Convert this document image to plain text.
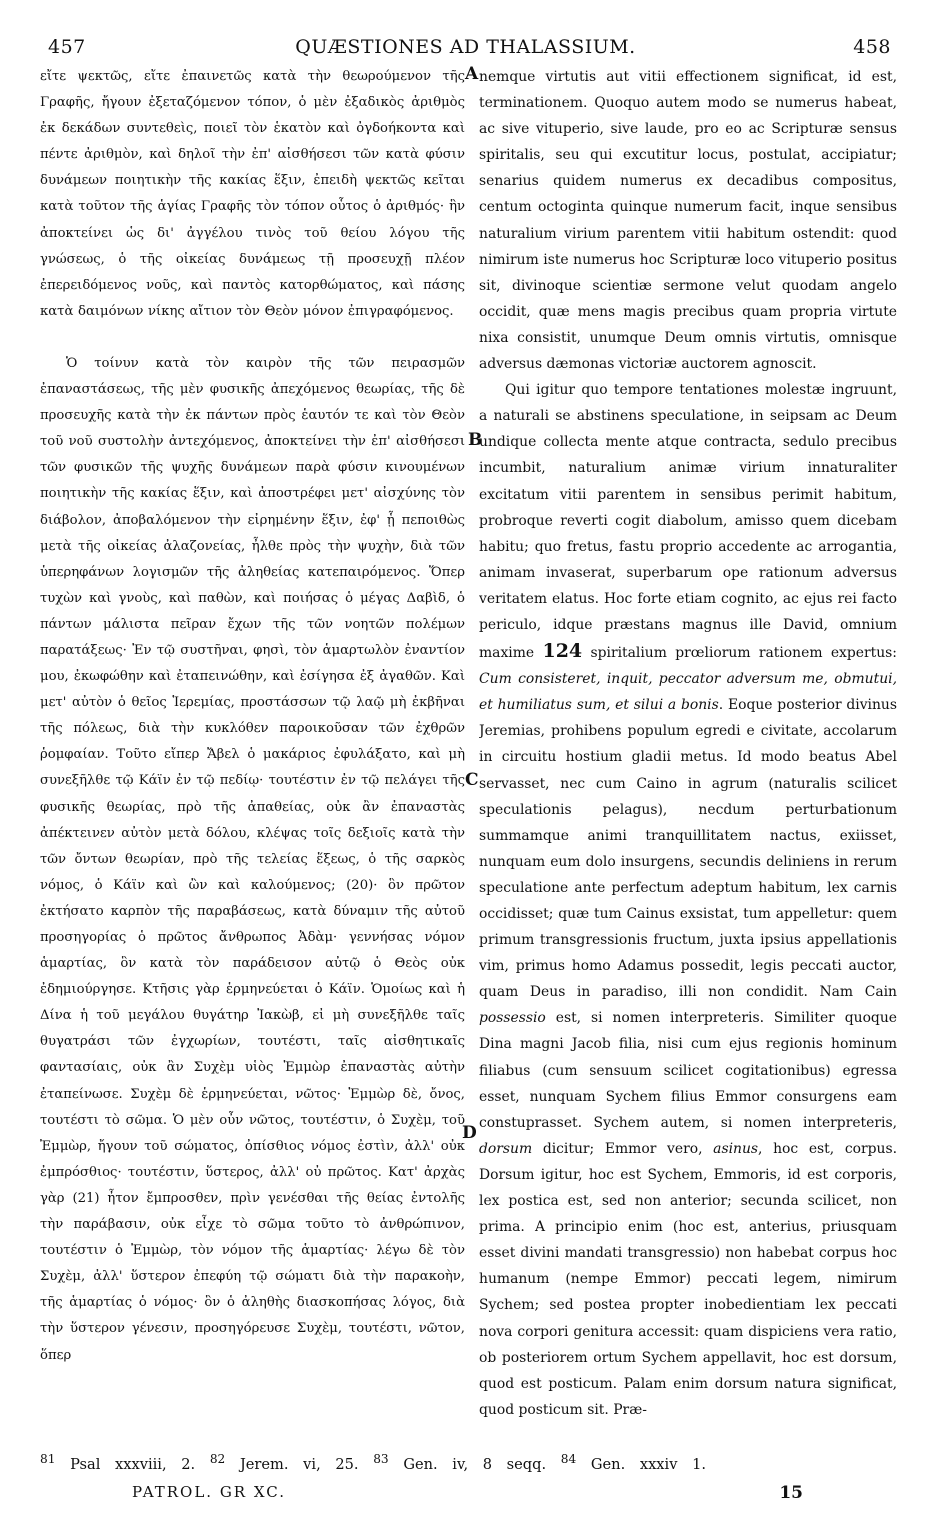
457	QUÆSTIONES AD THALASSIUM.	458

εἴτε ψεκτῶς, εἴτε ἐπαινετῶς κατὰ τὴν θεωρούμενον τῆς Γραφῆς, ἤγουν ἐξεταζόμενον τόπον, ὁ μὲν ἐξαδικὸς ἀριθμὸς ἐκ δεκάδων συντεθεὶς, ποιεῖ τὸν ἑκατὸν καὶ ὀγδοήκοντα καὶ πέντε ἀριθμὸν, καὶ δηλοῖ τὴν ἐπ' αἰσθήσεσι τῶν κατὰ φύσιν δυνάμεων ποιητικὴν τῆς κακίας ἕξιν, ἐπειδὴ ψεκτῶς κεῖται κατὰ τοῦτον τῆς ἁγίας Γραφῆς τὸν τόπον οὗτος ὁ ἀριθμός· ἣν ἀποκτείνει ὡς δι' ἀγγέλου τινὸς τοῦ θείου λόγου τῆς γνώσεως, ὁ τῆς οἰκείας δυνάμεως τῇ προσευχῇ πλέον ἐπερειδόμενος νοῦς, καὶ παντὸς κατορθώματος, καὶ πάσης κατὰ δαιμόνων νίκης αἴτιον τὸν Θεὸν μόνον ἐπιγραφόμενος.

Ὁ τοίνυν κατὰ τὸν καιρὸν τῆς τῶν πειρασμῶν ἐπαναστάσεως, τῆς μὲν φυσικῆς ἀπεχόμενος θεωρίας, τῆς δὲ προσευχῆς κατὰ τὴν ἐκ πάντων πρὸς ἑαυτόν τε καὶ τὸν Θεὸν τοῦ νοῦ συστολὴν ἀντεχόμενος, ἀποκτείνει τὴν ἐπ' αἰσθήσεσι τῶν φυσικῶν τῆς ψυχῆς δυνάμεων παρὰ φύσιν κινουμένων ποιητικὴν τῆς κακίας ἕξιν, καὶ ἀποστρέφει μετ' αἰσχύνης τὸν διάβολον, ἀποβαλόμενον τὴν εἰρημένην ἕξιν, ἐφ' ᾗ πεποιθὼς μετὰ τῆς οἰκείας ἀλαζονείας, ἦλθε πρὸς τὴν ψυχὴν, διὰ τῶν ὑπερηφάνων λογισμῶν τῆς ἀληθείας κατεπαιρόμενος. Ὅπερ τυχὼν καὶ γνοὺς, καὶ παθὼν, καὶ ποιήσας ὁ μέγας Δαβὶδ, ὁ πάντων μάλιστα πεῖραν ἔχων τῆς τῶν νοητῶν πολέμων παρατάξεως· Ἐν τῷ συστῆναι, φησὶ, τὸν ἁμαρτωλὸν ἐναντίον μου, ἐκωφώθην καὶ ἐταπεινώθην, καὶ ἐσίγησα ἐξ ἀγαθῶν. Καὶ μετ' αὐτὸν ὁ θεῖος Ἱερεμίας, προστάσσων τῷ λαῷ μὴ ἐκβῆναι τῆς πόλεως, διὰ τὴν κυκλόθεν παροικοῦσαν τῶν ἐχθρῶν ῥομφαίαν. Τοῦτο εἴπερ Ἄβελ ὁ μακάριος ἐφυλάξατο, καὶ μὴ συνεξῆλθε τῷ Κάϊν ἐν τῷ πεδίῳ· τουτέστιν ἐν τῷ πελάγει τῆς φυσικῆς θεωρίας, πρὸ τῆς ἀπαθείας, οὐκ ἂν ἐπαναστὰς ἀπέκτεινεν αὐτὸν μετὰ δόλου, κλέψας τοῖς δεξιοῖς κατὰ τὴν τῶν ὄντων θεωρίαν, πρὸ τῆς τελείας ἕξεως, ὁ τῆς σαρκὸς νόμος, ὁ Κάϊν καὶ ὢν καὶ καλούμενος; (20)· ὃν πρῶτον ἐκτήσατο καρπὸν τῆς παραβάσεως, κατὰ δύναμιν τῆς αὐτοῦ προσηγορίας ὁ πρῶτος ἄνθρωπος Ἀδὰμ· γεννήσας νόμον ἁμαρτίας, ὃν κατὰ τὸν παράδεισον αὐτῷ ὁ Θεὸς οὐκ ἐδημιούργησε. Κτῆσις γὰρ ἑρμηνεύεται ὁ Κάϊν. Ὁμοίως καὶ ἡ Δίνα ἡ τοῦ μεγάλου θυγάτηρ Ἰακὼβ, εἰ μὴ συνεξῆλθε ταῖς θυγατράσι τῶν ἐγχωρίων, τουτέστι, ταῖς αἰσθητικαῖς φαντασίαις, οὐκ ἂν Συχὲμ υἱὸς Ἐμμὼρ ἐπαναστὰς αὐτὴν ἐταπείνωσε. Συχὲμ δὲ ἑρμηνεύεται, νῶτος· Ἐμμὼρ δὲ, ὄνος, τουτέστι τὸ σῶμα. Ὁ μὲν οὖν νῶτος, τουτέστιν, ὁ Συχὲμ, τοῦ Ἐμμὼρ, ἤγουν τοῦ σώματος, ὀπίσθιος νόμος ἐστὶν, ἀλλ' οὐκ ἐμπρόσθιος· τουτέστιν, ὕστερος, ἀλλ' οὐ πρῶτος. Κατ' ἀρχὰς γὰρ (21) ἦτον ἔμπροσθεν, πρὶν γενέσθαι τῆς θείας ἐντολῆς τὴν παράβασιν, οὐκ εἶχε τὸ σῶμα τοῦτο τὸ ἀνθρώπινον, τουτέστιν ὁ Ἐμμὼρ, τὸν νόμον τῆς ἁμαρτίας· λέγω δὲ τὸν Συχὲμ, ἀλλ' ὕστερον ἐπεφύη τῷ σώματι διὰ τὴν παρακοὴν, τῆς ἁμαρτίας ὁ νόμος· ὃν ὁ ἀληθὴς διασκοπήσας λόγος, διὰ τὴν ὕστερον γένεσιν, προσηγόρευσε Συχὲμ, τουτέστι, νῶτον, ὅπερ

A
B
C
D

nemque virtutis aut vitii effectionem significat, id est, terminationem. Quoquo autem modo se numerus habeat, ac sive vituperio, sive laude, pro eo ac Scripturæ sensus spiritalis, seu qui excutitur locus, postulat, accipiatur; senarius quidem numerus ex decadibus compositus, centum octoginta quinque numerum facit, inque sensibus naturalium virium parentem vitii habitum ostendit: quod nimirum iste numerus hoc Scripturæ loco vituperio positus sit, divinoque scientiæ sermone velut quodam angelo occidit, quæ mens magis precibus quam propria virtute nixa consistit, unumque Deum omnis virtutis, omnisque adversus dæmonas victoriæ auctorem agnoscit.

Qui igitur quo tempore tentationes molestæ ingruunt, a naturali se abstinens speculatione, in seipsam ac Deum undique collecta mente atque contracta, sedulo precibus incumbit, naturalium animæ virium innaturaliter excitatum vitii parentem in sensibus perimit habitum, probroque reverti cogit diabolum, amisso quem dicebam habitu; quo fretus, fastu proprio accedente ac arrogantia, animam invaserat, superbarum ope rationum adversus veritatem elatus. Hoc forte etiam cognito, ac ejus rei facto periculo, idque præstans magnus ille David, omnium maxime 124 spiritalium prœliorum rationem expertus: Cum consisteret, inquit, peccator adversum me, obmutui, et humiliatus sum, et silui a bonis. Eoque posterior divinus Jeremias, prohibens populum egredi e civitate, accolarum in circuitu hostium gladii metus. Id modo beatus Abel servasset, nec cum Caino in agrum (naturalis scilicet speculationis pelagus), necdum perturbationum summamque animi tranquillitatem nactus, exiisset, nunquam eum dolo insurgens, secundis deliniens in rerum speculatione ante perfectum adeptum habitum, lex carnis occidisset; quæ tum Cainus exsistat, tum appelletur: quem primum transgressionis fructum, juxta ipsius appellationis vim, primus homo Adamus possedit, legis peccati auctor, quam Deus in paradiso, illi non condidit. Nam Cain possessio est, si nomen interpreteris. Similiter quoque Dina magni Jacob filia, nisi cum ejus regionis hominum filiabus (cum sensuum scilicet cogitationibus) egressa esset, nunquam Sychem filius Emmor consurgens eam constuprasset. Sychem autem, si nomen interpreteris, dorsum dicitur; Emmor vero, asinus, hoc est, corpus. Dorsum igitur, hoc est Sychem, Emmoris, id est corporis, lex postica est, sed non anterior; secunda scilicet, non prima. A principio enim (hoc est, anterius, priusquam esset divini mandati transgressio) non habebat corpus hoc humanum (nempe Emmor) peccati legem, nimirum Sychem; sed postea propter inobedientiam lex peccati nova corpori genitura accessit: quam dispiciens vera ratio, ob posteriorem ortum Sychem appellavit, hoc est dorsum, quod est posticum. Palam enim dorsum natura significat, quod posticum sit. Præ-

$^{81}$ Psal xxxviii, 2. $^{82}$ Jerem. vi, 25. $^{83}$ Gen. iv, 8 seqq. $^{84}$ Gen. xxxiv 1.
PATROL. GR XC.	15
